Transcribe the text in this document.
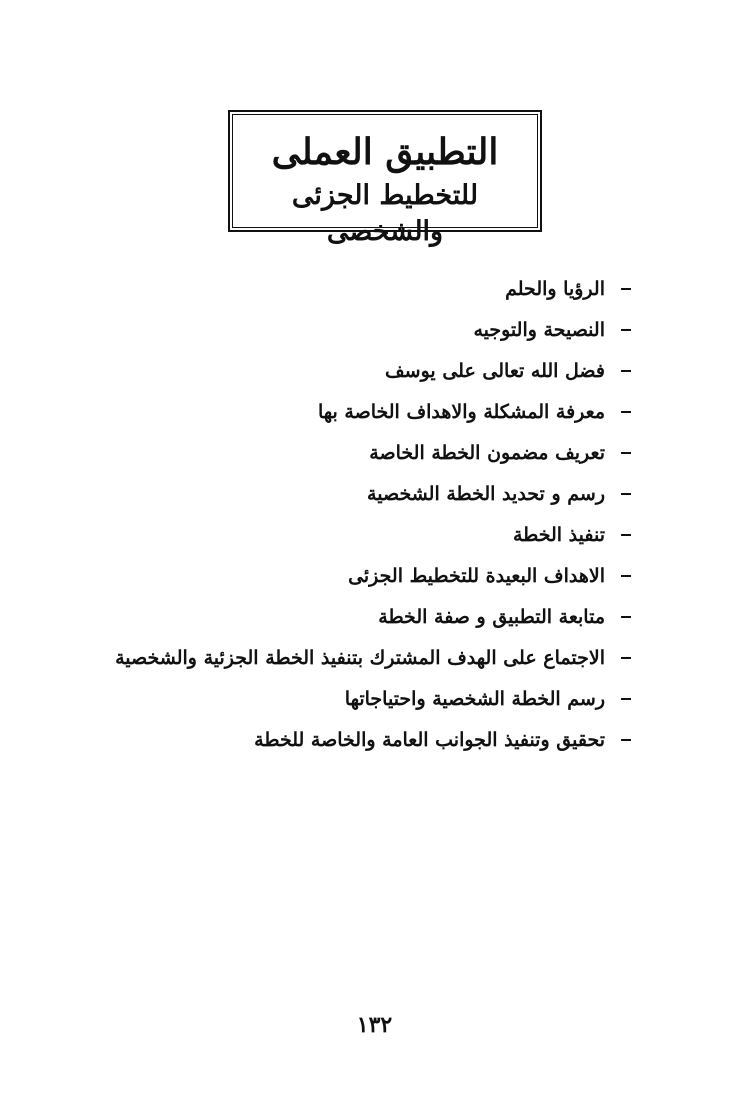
التطبيق العملى
للتخطيط الجزئى والشخصى
الرؤيا والحلم
النصيحة والتوجيه
فضل الله تعالى على يوسف
معرفة المشكلة والاهداف الخاصة بها
تعريف مضمون الخطة الخاصة
رسم و تحديد الخطة الشخصية
تنفيذ الخطة
الاهداف البعيدة للتخطيط الجزئى
متابعة التطبيق و صفة الخطة
الاجتماع على الهدف المشترك بتنفيذ الخطة الجزئية والشخصية
رسم الخطة الشخصية واحتياجاتها
تحقيق وتنفيذ الجوانب العامة والخاصة للخطة
١٣٢
